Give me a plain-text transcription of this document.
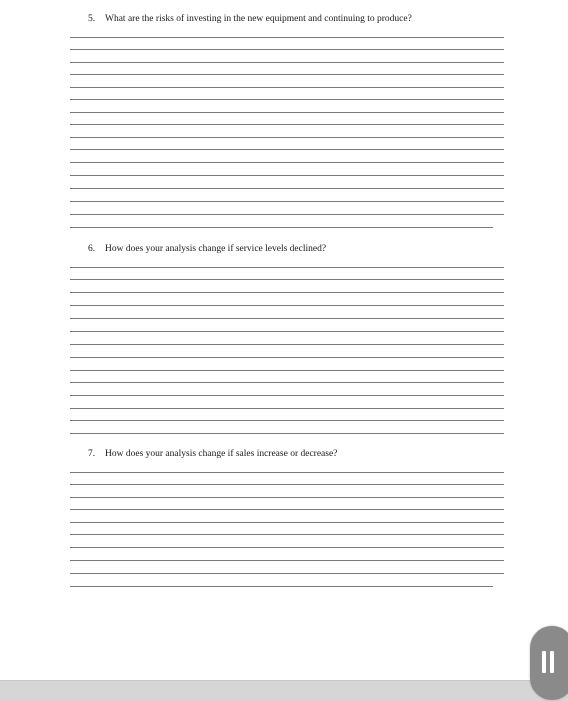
5. What are the risks of investing in the new equipment and continuing to produce?
6. How does your analysis change if service levels declined?
7. How does your analysis change if sales increase or decrease?
